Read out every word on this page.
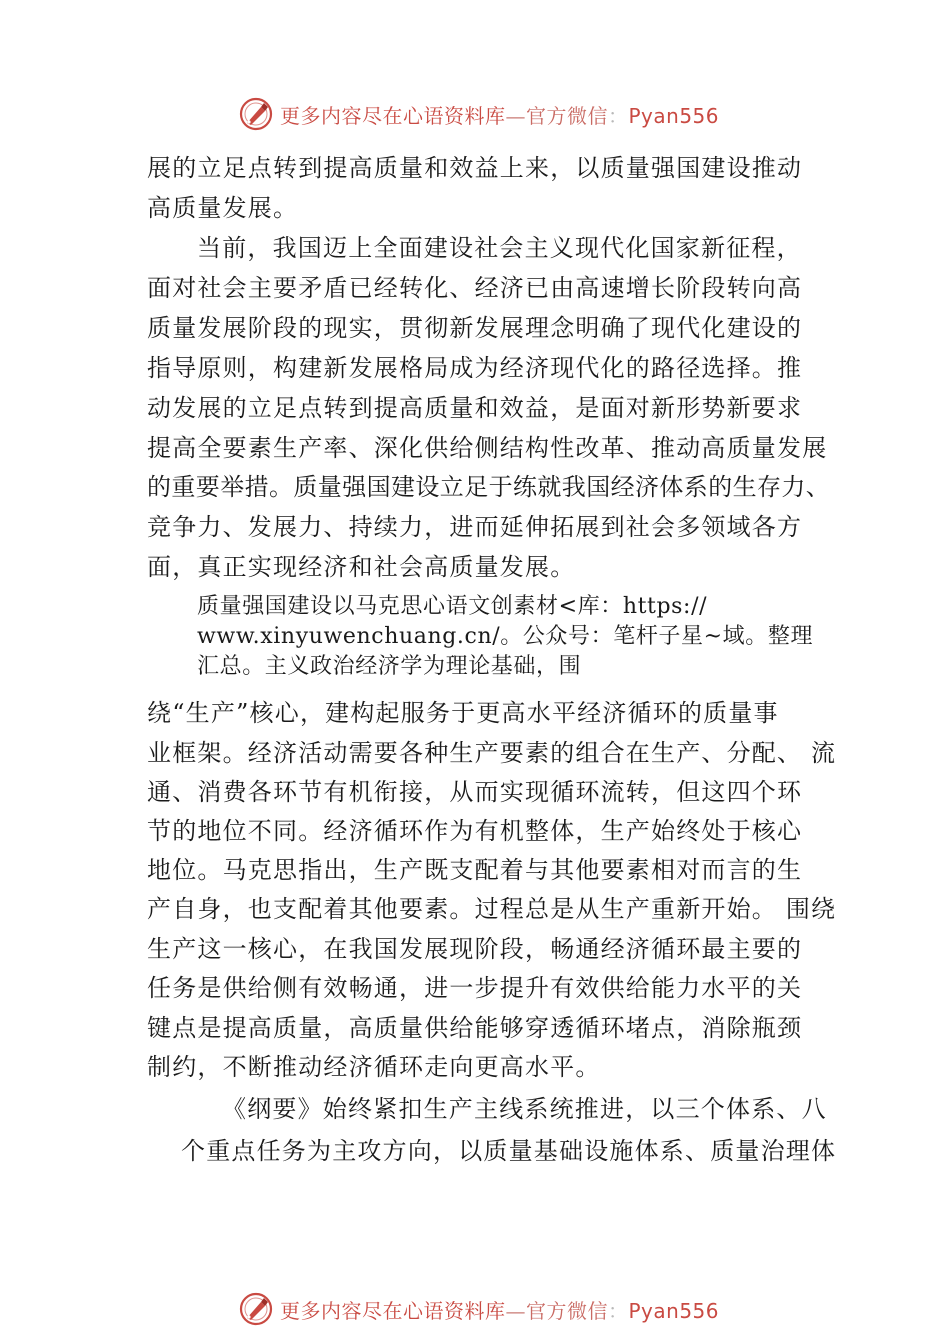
更多内容尽在心语资料库—官方微信：Pyan556
展的立足点转到提高质量和效益上来，以质量强国建设推动
高质量发展。
当前，我国迈上全面建设社会主义现代化国家新征程，
面对社会主要矛盾已经转化、经济已由高速增长阶段转向高
质量发展阶段的现实，贯彻新发展理念明确了现代化建设的
指导原则，构建新发展格局成为经济现代化的路径选择。推
动发展的立足点转到提高质量和效益，是面对新形势新要求
提高全要素生产率、深化供给侧结构性改革、推动高质量发展
的重要举措。质量强国建设立足于练就我国经济体系的生存力、
竞争力、发展力、持续力，进而延伸拓展到社会多领域各方
面，真正实现经济和社会高质量发展。
质量强国建设以马克思心语文创素材<库：https://
www.xinyuwenchuang.cn/。公众号：笔杆子星~域。整理
汇总。主义政治经济学为理论基础，围
绕“生产”核心，建构起服务于更高水平经济循环的质量事
业框架。经济活动需要各种生产要素的组合在生产、分配、 流
通、消费各环节有机衔接，从而实现循环流转，但这四个环
节的地位不同。经济循环作为有机整体，生产始终处于核心
地位。马克思指出，生产既支配着与其他要素相对而言的生
产自身，也支配着其他要素。过程总是从生产重新开始。 围绕
生产这一核心，在我国发展现阶段，畅通经济循环最主要的
任务是供给侧有效畅通，进一步提升有效供给能力水平的关
键点是提高质量，高质量供给能够穿透循环堵点，消除瓶颈
制约，不断推动经济循环走向更高水平。
《纲要》始终紧扣生产主线系统推进，以三个体系、八
个重点任务为主攻方向，以质量基础设施体系、质量治理体
更多内容尽在心语资料库—官方微信：Pyan556
